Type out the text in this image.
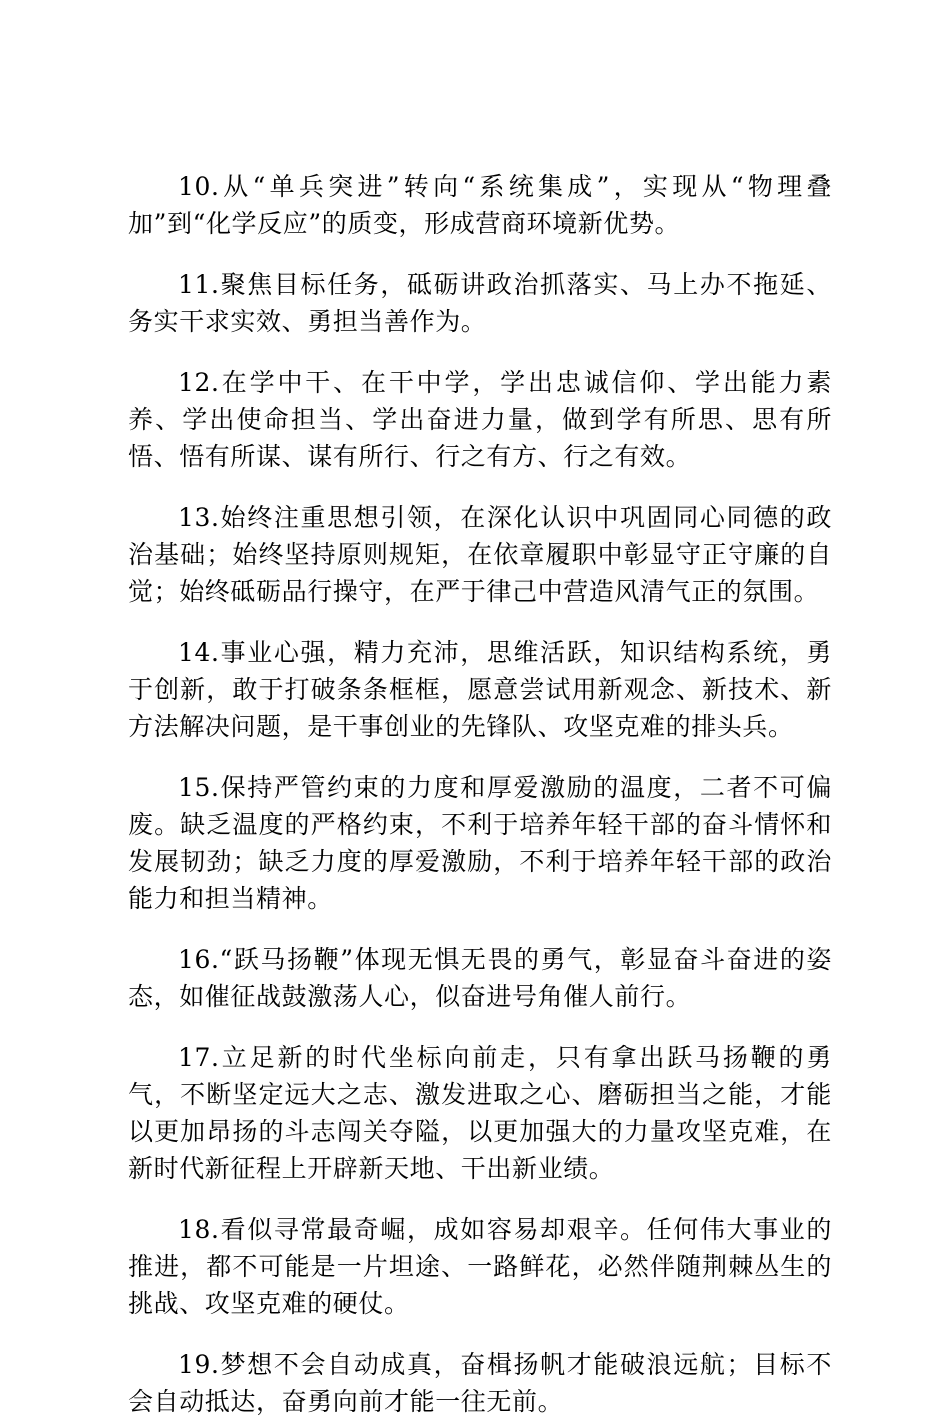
10.从“单兵突进”转向“系统集成”，实现从“物理叠加”到“化学反应”的质变，形成营商环境新优势。

11.聚焦目标任务，砥砺讲政治抓落实、马上办不拖延、务实干求实效、勇担当善作为。

12.在学中干、在干中学，学出忠诚信仰、学出能力素养、学出使命担当、学出奋进力量，做到学有所思、思有所悟、悟有所谋、谋有所行、行之有方、行之有效。

13.始终注重思想引领，在深化认识中巩固同心同德的政治基础；始终坚持原则规矩，在依章履职中彰显守正守廉的自觉；始终砥砺品行操守，在严于律己中营造风清气正的氛围。

14.事业心强，精力充沛，思维活跃，知识结构系统，勇于创新，敢于打破条条框框，愿意尝试用新观念、新技术、新方法解决问题，是干事创业的先锋队、攻坚克难的排头兵。

15.保持严管约束的力度和厚爱激励的温度，二者不可偏废。缺乏温度的严格约束，不利于培养年轻干部的奋斗情怀和发展韧劲；缺乏力度的厚爱激励，不利于培养年轻干部的政治能力和担当精神。

16.“跃马扬鞭”体现无惧无畏的勇气，彰显奋斗奋进的姿态，如催征战鼓激荡人心，似奋进号角催人前行。

17.立足新的时代坐标向前走，只有拿出跃马扬鞭的勇气，不断坚定远大之志、激发进取之心、磨砺担当之能，才能以更加昂扬的斗志闯关夺隘，以更加强大的力量攻坚克难，在新时代新征程上开辟新天地、干出新业绩。

18.看似寻常最奇崛，成如容易却艰辛。任何伟大事业的推进，都不可能是一片坦途、一路鲜花，必然伴随荆棘丛生的挑战、攻坚克难的硬仗。

19.梦想不会自动成真，奋楫扬帆才能破浪远航；目标不会自动抵达，奋勇向前才能一往无前。
